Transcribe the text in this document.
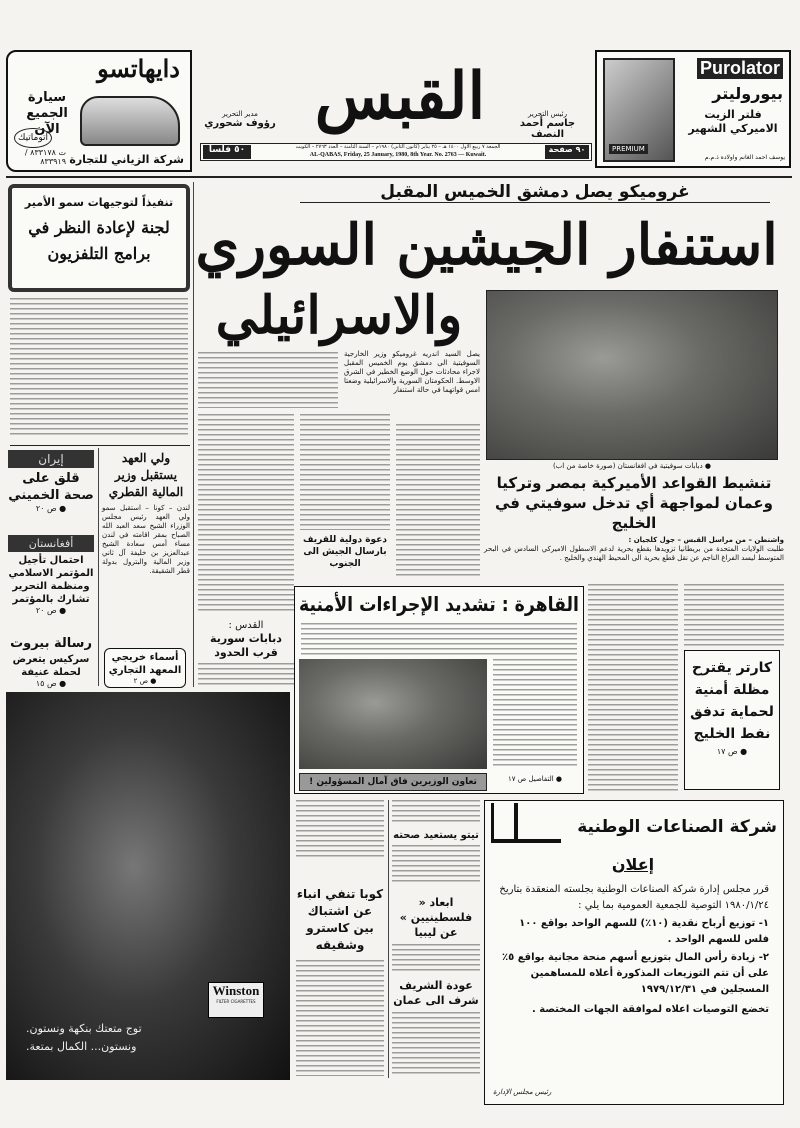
دايهاتسو
سيارة الجميع الآن
اتوماتيك
شركة الزياني للتجارة
ت ٨٣٣١٧٨ / ٨٣٣٩١٩
القبس
مدير التحرير
رؤوف شحوري
رئيس التحرير
جاسم أحمد النصف
٥٠ فلسا	٩٠ صفحة
الجمعة ٧ ربيع الأول ١٤٠٠ هـ – ٢٥ يناير (كانون الثاني) ١٩٨٠م – السنة الثامنة – العدد ٢٧٦٣ – الكويت
AL-QABAS, Friday, 25 January, 1980, 8th Year. No. 2763 — Kuwait.
PREMIUM
Purolator
بيورولیتر
فلتر الزيت الاميركي الشهير
يوسف احمد الغانم واولاده ذ.م.م
تنفيذاً لتوجيهات سمو الأمير
لجنة لإعادة النظر في برامج التلفزيون
إيران
قلق على صحة الخميني
● ص ٢٠
أفغانستان
احتمال تأجيل المؤتمر الاسلامي ومنظمة التحرير تشارك بالمؤتمر
● ص ٢٠
رسالة بيروت
سركيس يتعرض لحملة عنيفة
● ص ١٥
ولي العهد يستقبل وزير المالية القطري
لندن – كونا – استقبل سمو ولي العهد رئيس مجلس الوزراء الشيخ سعد العبد الله الصباح بمقر اقامته في لندن مساء أمس سعادة الشيخ عبدالعزيز بن خليفة آل ثاني وزير المالية والبترول بدولة قطر الشقيقة.
أسماء خريجي المعهد التجاري
● ص ٢
Winston
FILTER CIGARETTES
توج متعتك بنكهة ونستون.
ونستون... الكمال بمتعة.
غروميكو يصل دمشق الخميس المقبل
استنفار الجيشين السوري
والاسرائيلي
● دبابات سوفيتية في افغانستان (صورة خاصة من اب)
يصل السيد اندريه غروميكو وزير الخارجية السوفيتية الى دمشق يوم الخميس المقبل لاجراء محادثات حول الوضع الخطير في الشرق الاوسط. الحكومتان السورية والاسرائيلية وضعتا امس قواتهما في حالة استنفار
دعوة دولية للقريف بارسال الجيش الى الجنوب
القدس :
دبابات سورية قرب الحدود
تنشيط القواعد الأميركية بمصر وتركيا وعمان لمواجهة أي تدخل سوفيتي في الخليج
واشنطن – من مراسل القبس – جول كلجيان :
طلبت الولايات المتحدة من بريطانيا تزويدها بقطع بحرية لدعم الاسطول الاميركي السادس في البحر المتوسط ليسد الفراغ الناجم عن نقل قطع بحرية الى المحيط الهندي والخليج .
القاهرة : تشديد الإجراءات الأمنية
● التفاصيل ص ١٧
تعاون الوزيرين فاق آمال المسؤولين !
كارتر يقترح مظلة أمنية لحماية تدفق نفط الخليج
● ص ١٧
كوبا تنفي انباء عن اشتباك بين كاسترو وشقيقه
تيتو يستعيد صحته
ابعاد « فلسطينيين » عن ليبيا
عودة الشريف شرف الى عمان
شركة الصناعات الوطنية
إعلان
قرر مجلس إدارة شركة الصناعات الوطنية بجلسته المنعقدة بتاريخ ١٩٨٠/١/٢٤ التوصية للجمعية العمومية بما يلي :
١- توزيع أرباح نقدية (١٠٪) للسهم الواحد بواقع ١٠٠ فلس للسهم الواحد .
٢- زيادة رأس المال بتوزيع أسهم منحة مجانية بواقع ٥٪ على أن تتم التوزيعات المذكورة أعلاه للمساهمين المسجلين في ١٩٧٩/١٢/٣١
تخضع التوصيات اعلاه لموافقة الجهات المختصة .
رئيس مجلس الإدارة
